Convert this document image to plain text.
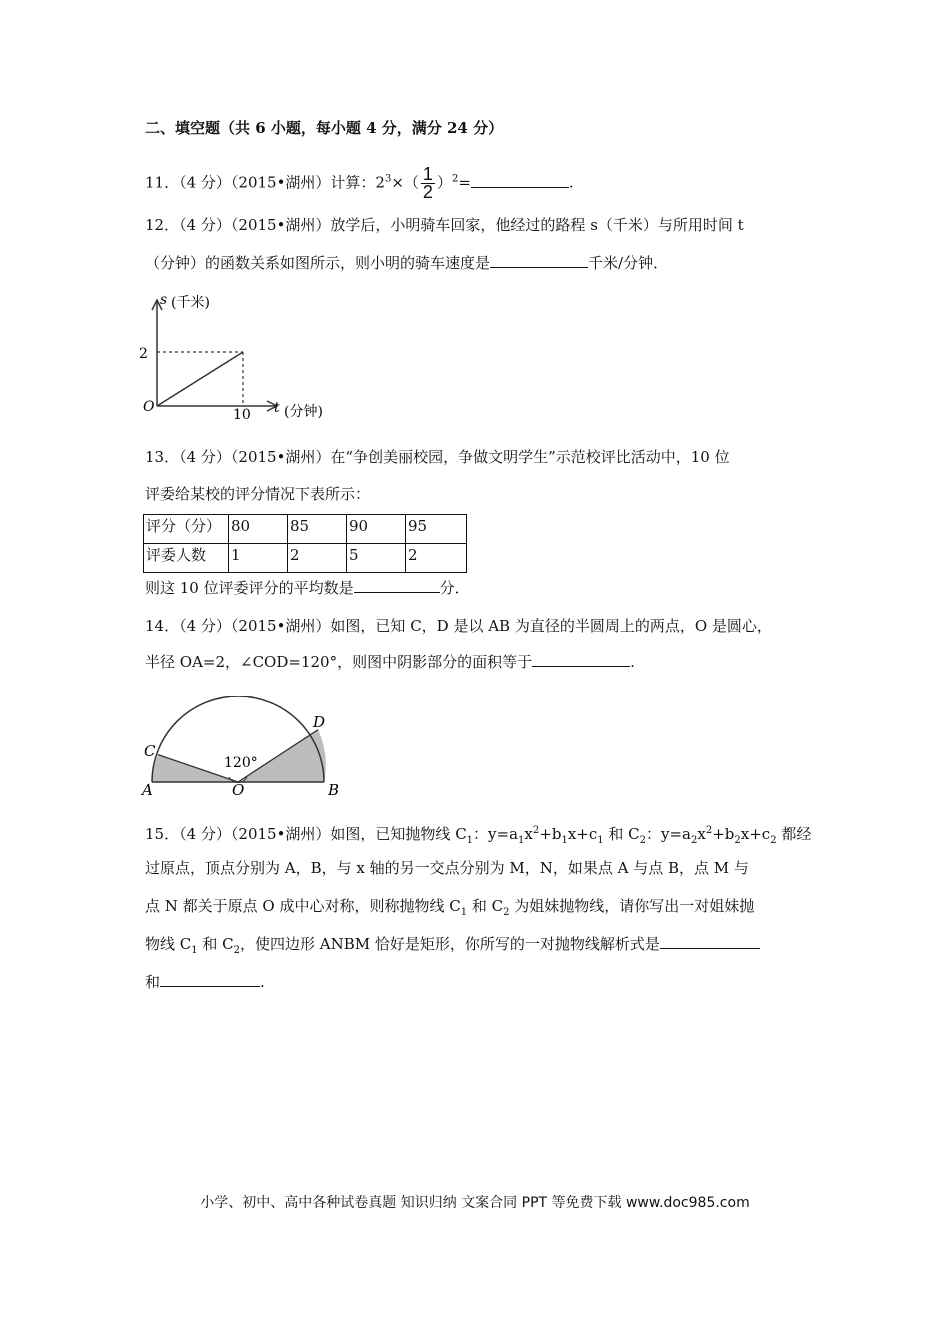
二、填空题（共 6 小题，每小题 4 分，满分 24 分）
11．（4 分）（2015•湖州）计算：$2^3\times( \frac{1}{2} )^2=$	.
12．（4 分）（2015•湖州）放学后，小明骑车回家，他经过的路程 s（千米）与所用时间 t
（分钟）的函数关系如图所示，则小明的骑车速度是	千米/分钟．
s (千米)
2
O	10 t (分钟)
13．（4 分）（2015•湖州）在“争创美丽校园，争做文明学生”示范校评比活动中，10 位
评委给某校的评分情况下表所示：
评分（分）	80	85	90	95
评委人数	1	2	5	2
则这 10 位评委评分的平均数是	分．
14．（4 分）（2015•湖州）如图，已知 C，D 是以 AB 为直径的半圆周上的两点，O 是圆心，
半径 OA=2，∠COD=120°，则图中阴影部分的面积等于	.
120°
A	O	B
C
D
15．（4 分）（2015•湖州）如图，已知抛物线 $C_1$：$y=a_1x^2+b_1x+c_1$ 和 $C_2$：$y=a_2x^2+b_2x+c_2$ 都经
过原点，顶点分别为 A，B，与 x 轴的另一交点分别为 M，N，如果点 A 与点 B，点 M 与
点 N 都关于原点 O 成中心对称，则称抛物线 $C_1$ 和 $C_2$ 为姐妹抛物线，请你写出一对姐妹抛
物线 $C_1$ 和 $C_2$，使四边形 ANBM 恰好是矩形，你所写的一对抛物线解析式是
和	.
小学、初中、高中各种试卷真题 知识归纳 文案合同 PPT 等免费下载 www.doc985.com
